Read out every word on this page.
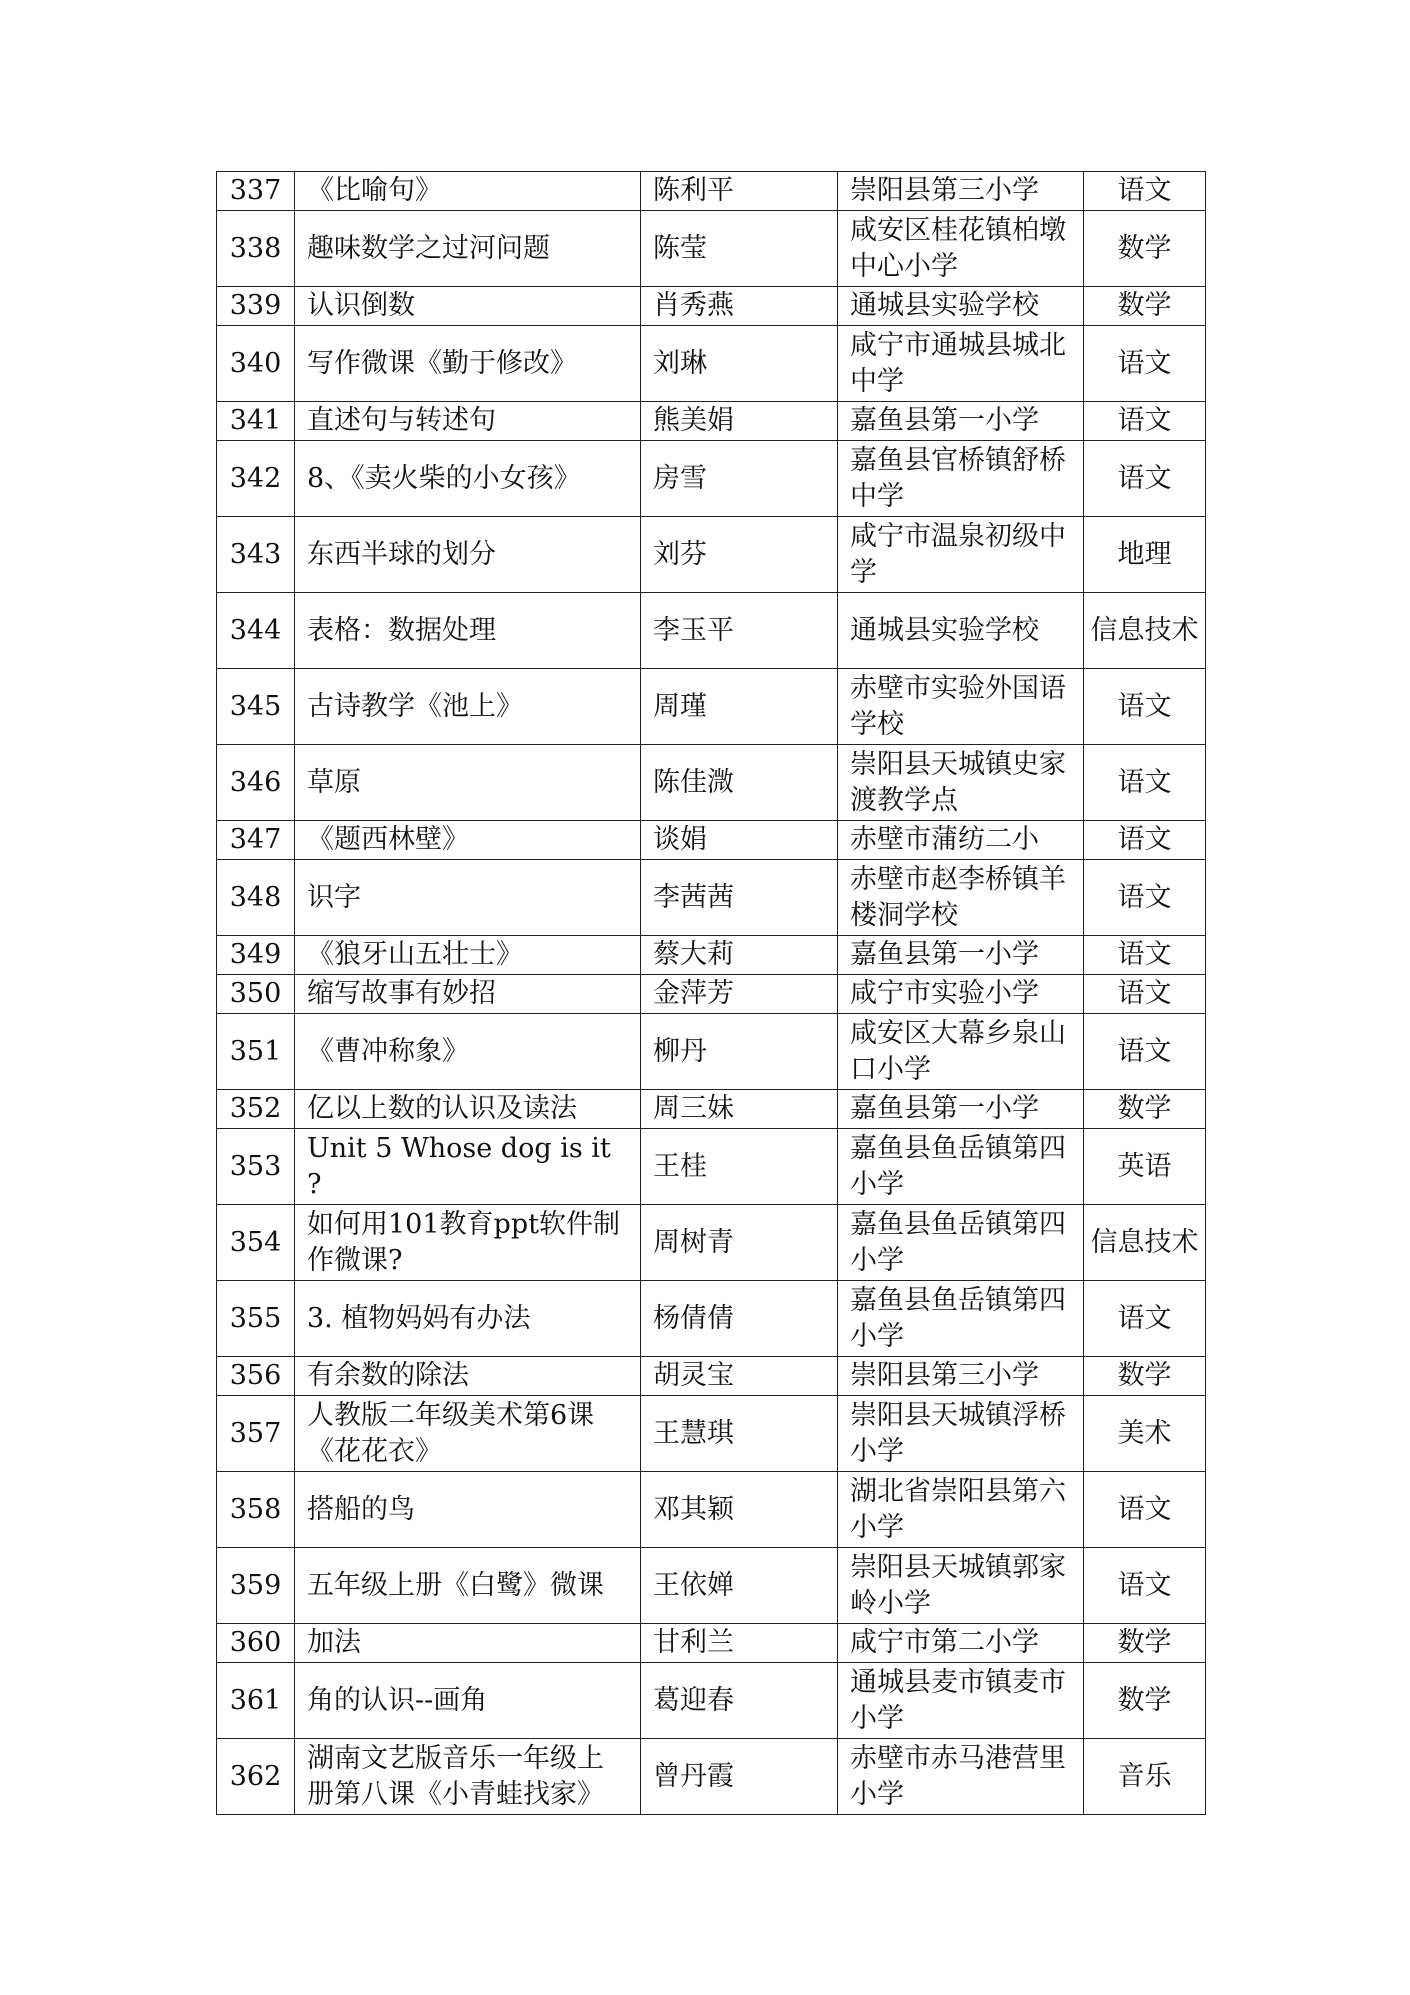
337	《比喻句》	陈利平	崇阳县第三小学	语文
338	趣味数学之过河问题	陈莹	咸安区桂花镇柏墩中心小学	数学
339	认识倒数	肖秀燕	通城县实验学校	数学
340	写作微课《勤于修改》	刘琳	咸宁市通城县城北中学	语文
341	直述句与转述句	熊美娟	嘉鱼县第一小学	语文
342	8、《卖火柴的小女孩》	房雪	嘉鱼县官桥镇舒桥中学	语文
343	东西半球的划分	刘芬	咸宁市温泉初级中学	地理
344	表格：数据处理	李玉平	通城县实验学校	信息技术
345	古诗教学《池上》	周瑾	赤壁市实验外国语学校	语文
346	草原	陈佳溦	崇阳县天城镇史家渡教学点	语文
347	《题西林壁》	谈娟	赤壁市蒲纺二小	语文
348	识字	李茜茜	赤壁市赵李桥镇羊楼洞学校	语文
349	《狼牙山五壮士》	蔡大莉	嘉鱼县第一小学	语文
350	缩写故事有妙招	金萍芳	咸宁市实验小学	语文
351	《曹冲称象》	柳丹	咸安区大幕乡泉山口小学	语文
352	亿以上数的认识及读法	周三妹	嘉鱼县第一小学	数学
353	Unit 5 Whose dog is it ?	王桂	嘉鱼县鱼岳镇第四小学	英语
354	如何用101教育ppt软件制作微课?	周树青	嘉鱼县鱼岳镇第四小学	信息技术
355	3. 植物妈妈有办法	杨倩倩	嘉鱼县鱼岳镇第四小学	语文
356	有余数的除法	胡灵宝	崇阳县第三小学	数学
357	人教版二年级美术第6课《花花衣》	王慧琪	崇阳县天城镇浮桥小学	美术
358	搭船的鸟	邓其颖	湖北省崇阳县第六小学	语文
359	五年级上册《白鹭》微课	王依婵	崇阳县天城镇郭家岭小学	语文
360	加法	甘利兰	咸宁市第二小学	数学
361	角的认识--画角	葛迎春	通城县麦市镇麦市小学	数学
362	湖南文艺版音乐一年级上册第八课《小青蛙找家》	曾丹霞	赤壁市赤马港营里小学	音乐
